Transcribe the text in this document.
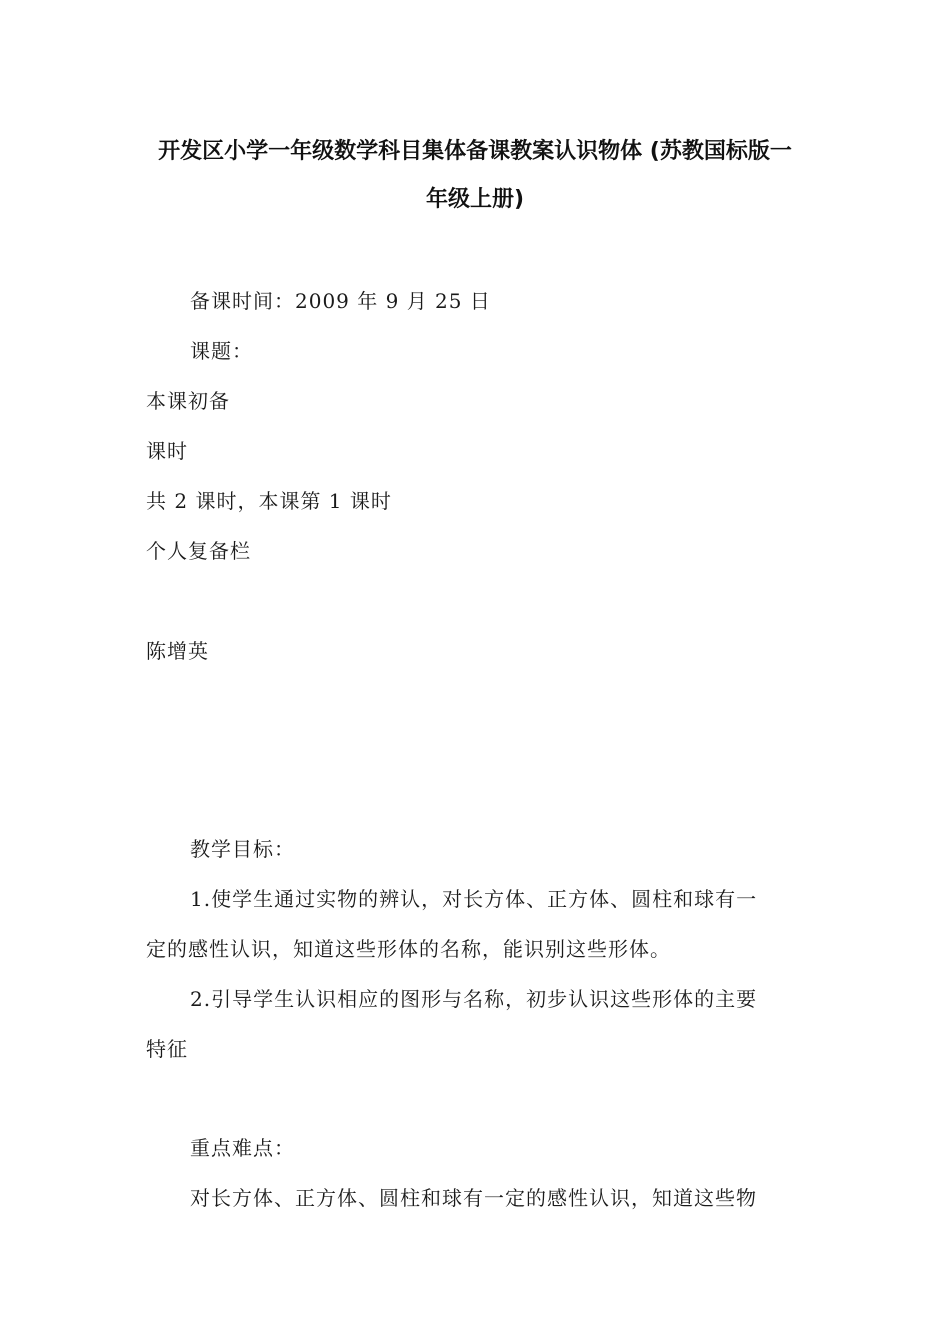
开发区小学一年级数学科目集体备课教案认识物体 (苏教国标版一
年级上册)
备课时间：2009 年 9 月 25 日
课题：
本课初备
课时
共 2 课时，本课第 1 课时
个人复备栏
陈增英
教学目标：
1.使学生通过实物的辨认，对长方体、正方体、圆柱和球有一
定的感性认识，知道这些形体的名称，能识别这些形体。
2.引导学生认识相应的图形与名称，初步认识这些形体的主要
特征
重点难点：
对长方体、正方体、圆柱和球有一定的感性认识，知道这些物
